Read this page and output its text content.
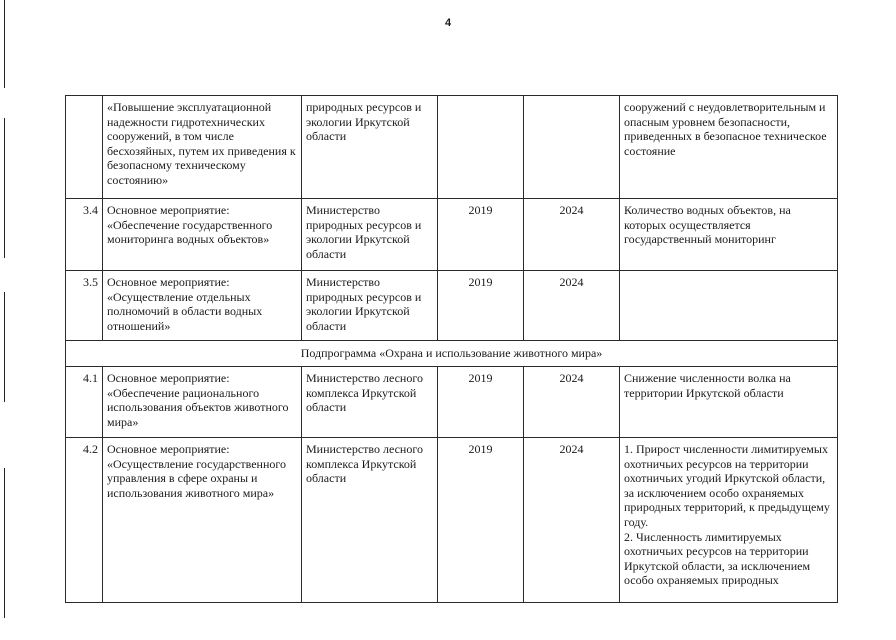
4
	«Повышение эксплуатационной надежности гидротехнических сооружений, в том числе бесхозяйных, путем их приведения к безопасному техническому состоянию»	природных ресурсов и экологии Иркутской области			сооружений с неудовлетворительным и опасным уровнем безопасности, приведенных в безопасное техническое состояние
3.4	Основное мероприятие: «Обеспечение государственного мониторинга водных объектов»	Министерство природных ресурсов и экологии Иркутской области	2019	2024	Количество водных объектов, на которых осуществляется государственный мониторинг
3.5	Основное мероприятие: «Осуществление отдельных полномочий в области водных отношений»	Министерство природных ресурсов и экологии Иркутской области	2019	2024	
Подпрограмма «Охрана и использование животного мира»					
4.1	Основное мероприятие: «Обеспечение рационального использования объектов животного мира»	Министерство лесного комплекса Иркутской области	2019	2024	Снижение численности волка на территории Иркутской области
4.2	Основное мероприятие: «Осуществление государственного управления в сфере охраны и использования животного мира»	Министерство лесного комплекса Иркутской области	2019	2024	1. Прирост численности лимитируемых охотничьих ресурсов на территории охотничьих угодий Иркутской области, за исключением особо охраняемых природных территорий, к предыдущему году.
2. Численность лимитируемых охотничьих ресурсов на территории Иркутской области, за исключением особо охраняемых природных
